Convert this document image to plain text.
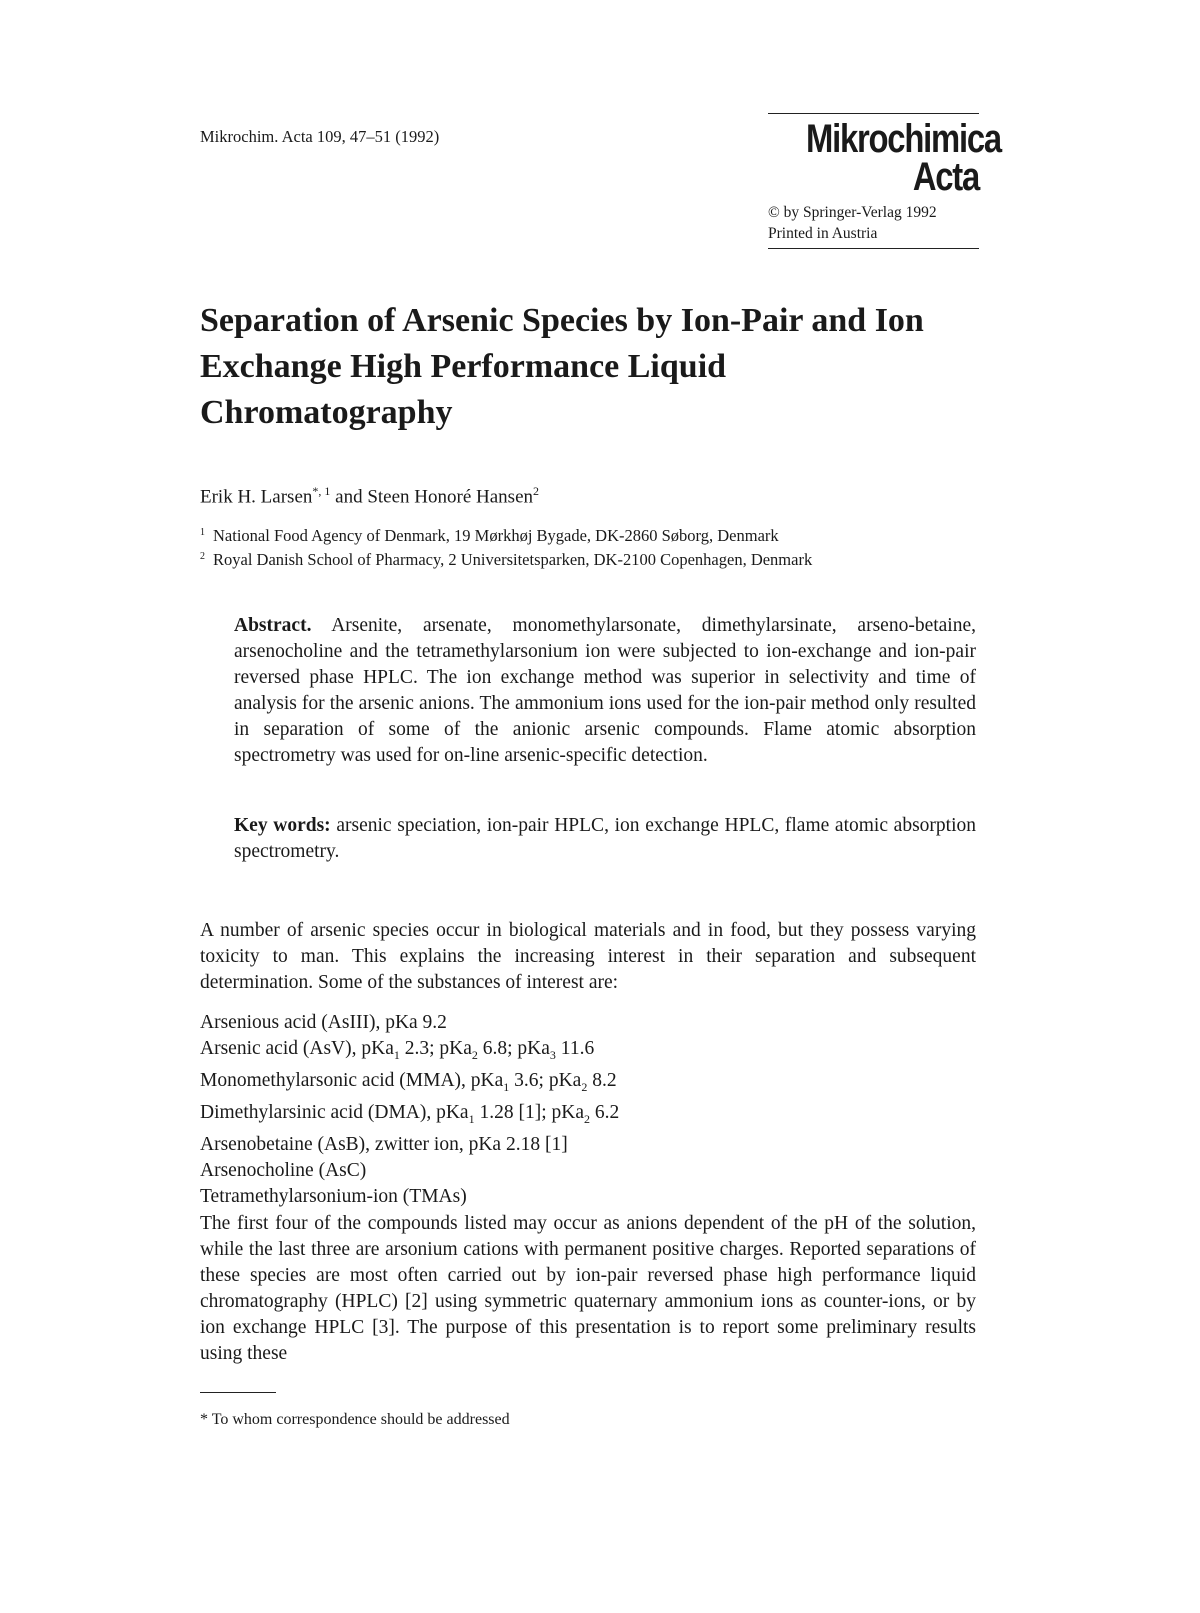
Mikrochim. Acta 109, 47–51 (1992)	Mikrochimica
Acta
© by Springer-Verlag 1992
Printed in Austria
Separation of Arsenic Species by Ion-Pair and Ion Exchange High Performance Liquid Chromatography
Erik H. Larsen$^{*, 1}$ and Steen Honoré Hansen$^2$
$^1$ National Food Agency of Denmark, 19 Mørkhøj Bygade, DK-2860 Søborg, Denmark
$^2$ Royal Danish School of Pharmacy, 2 Universitetsparken, DK-2100 Copenhagen, Denmark
Abstract. Arsenite, arsenate, monomethylarsonate, dimethylarsinate, arseno-betaine, arsenocholine and the tetramethylarsonium ion were subjected to ion-exchange and ion-pair reversed phase HPLC. The ion exchange method was superior in selectivity and time of analysis for the arsenic anions. The ammonium ions used for the ion-pair method only resulted in separation of some of the anionic arsenic compounds. Flame atomic absorption spectrometry was used for on-line arsenic-specific detection.
Key words: arsenic speciation, ion-pair HPLC, ion exchange HPLC, flame atomic absorption spectrometry.
A number of arsenic species occur in biological materials and in food, but they possess varying toxicity to man. This explains the increasing interest in their separation and subsequent determination. Some of the substances of interest are:
Arsenious acid (AsIII), pKa 9.2
Arsenic acid (AsV), pKa$_1$ 2.3; pKa$_2$ 6.8; pKa$_3$ 11.6
Monomethylarsonic acid (MMA), pKa$_1$ 3.6; pKa$_2$ 8.2
Dimethylarsinic acid (DMA), pKa$_1$ 1.28 [1]; pKa$_2$ 6.2
Arsenobetaine (AsB), zwitter ion, pKa 2.18 [1]
Arsenocholine (AsC)
Tetramethylarsonium-ion (TMAs)
The first four of the compounds listed may occur as anions dependent of the pH of the solution, while the last three are arsonium cations with permanent positive charges. Reported separations of these species are most often carried out by ion-pair reversed phase high performance liquid chromatography (HPLC) [2] using symmetric quaternary ammonium ions as counter-ions, or by ion exchange HPLC [3]. The purpose of this presentation is to report some preliminary results using these
* To whom correspondence should be addressed
